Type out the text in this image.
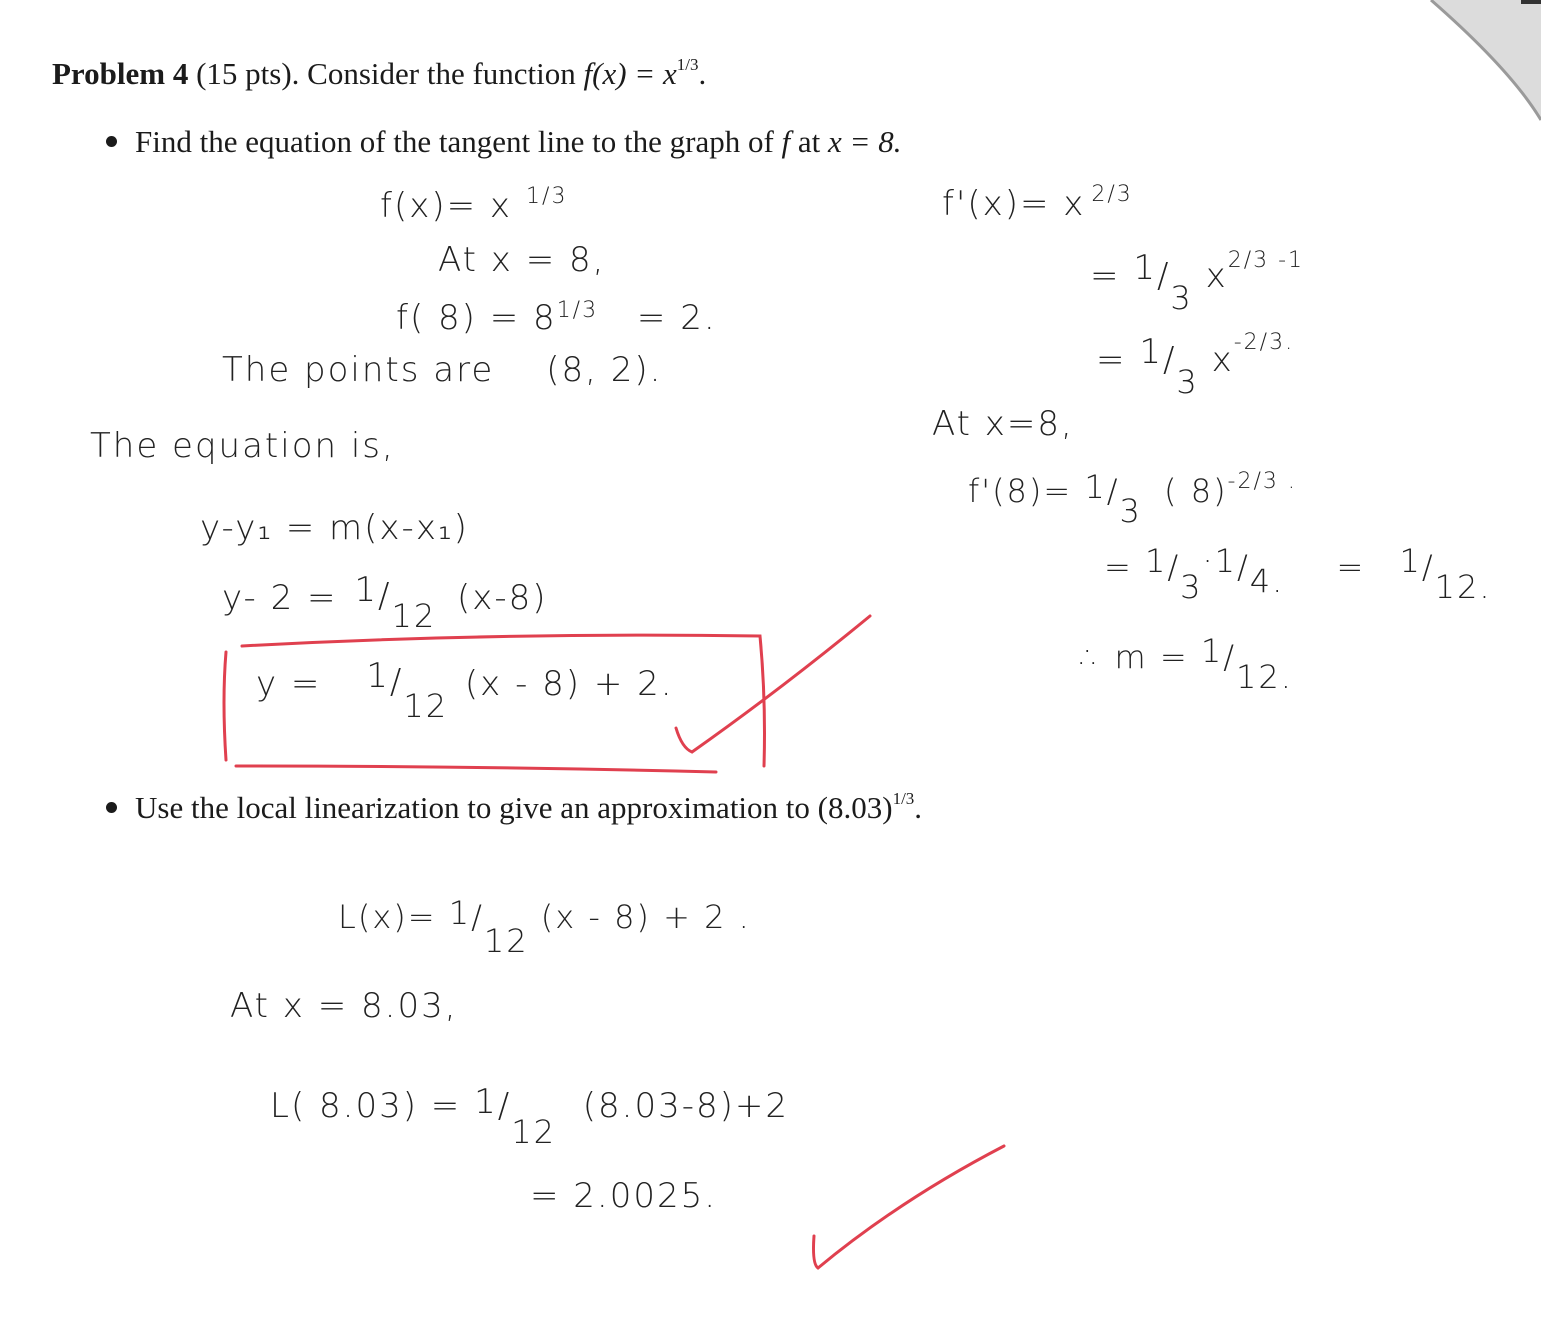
Problem 4 (15 pts). Consider the function $f(x) = x^{1/3}$.
Find the equation of the tangent line to the graph of f at x = 8.
Use the local linearization to give an approximation to $(8.03)^{1/3}$.
f(x)= x $^{1/3}$
At x = 8,
f( $8) = 8^{1/3} = 2$.
The points are (8, 2).
The equation is,
y-y₁ = m(x-x₁)
y- 2 = 1/12 (x-8)
y = 1/12 (x - 8) + 2.
f'(x)= x $^{2/3}$
= 1/3 $x^{2/3 -1}$
= 1/3 $x^{-2/3.}$
At x=8,
f'(8)= 1/3 ( 8)$^{-2/3 .}$
= 1/3·1/4. = 1/12.
∴ m = 1/12.
L(x)= 1/12 (x - 8) + 2 .
At x = 8.03,
L( 8.03) = 1/12 (8.03-8)+2
= 2.0025.
